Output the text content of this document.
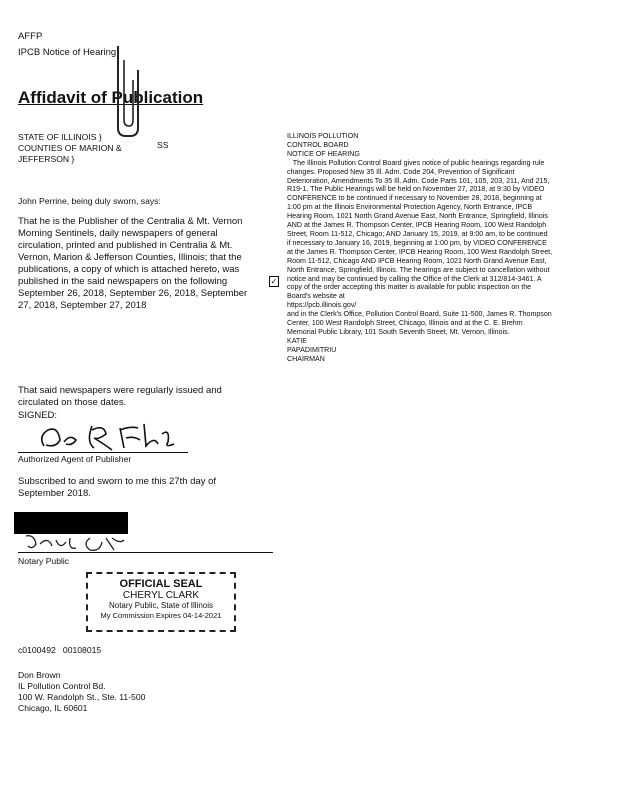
AFFP
IPCB Notice of Hearing
Affidavit of Publication
STATE OF ILLINOIS }
COUNTIES OF MARION &
JEFFERSON }
SS
John Perrine, being duly sworn, says:
That he is the Publisher of the Centralia & Mt. Vernon
Morning Sentinels, daily newspapers of general
circulation, printed and published in Centralia & Mt.
Vernon, Marion & Jefferson Counties, Illinois; that the
publications, a copy of which is attached hereto, was
published in the said newspapers on the following
September 26, 2018, September 26, 2018, September
27, 2018, September 27, 2018
✓
That said newspapers were regularly issued and
circulated on those dates.
SIGNED:
Authorized Agent of Publisher
Subscribed to and sworn to me this 27th day of
September 2018.
Notary Public
OFFICIAL SEAL
CHERYL CLARK
Notary Public, State of Illinois
My Commission Expires 04-14-2021
c0100492   00108015
Don Brown
IL Pollution Control Bd.
100 W. Randolph St., Ste. 11-500
Chicago, IL 60601
ILLINOIS POLLUTION
CONTROL BOARD
NOTICE OF HEARING
The Illinois Pollution Control Board gives notice of public hearings regarding rule
changes. Proposed New 35 Ill. Adm. Code 204, Prevention of Significant
Deterioration, Amendments To 35 Ill. Adm. Code Parts 101, 105, 203, 211, And 215,
R19-1. The Public Hearings will be held on November 27, 2018, at 9:30 by VIDEO
CONFERENCE to be continued if necessary to November 28, 2018, beginning at
1:00 pm at the Illinois Environmental Protection Agency, North Entrance, IPCB
Hearing Room, 1021 North Grand Avenue East, North Entrance, Springfield, Illinois
AND at the James R. Thompson Center, IPCB Hearing Room, 100 West Randolph
Street, Room 11-512, Chicago; AND January 15, 2019, at 9:00 am, to be continued
if necessary to January 16, 2019, beginning at 1:00 pm, by VIDEO CONFERENCE
at the James R. Thompson Center, IPCB Hearing Room, 100 West Randolph Street,
Room 11-512, Chicago AND IPCB Hearing Room, 1021 North Grand Avenue East,
North Entrance, Springfield, Illinois. The hearings are subject to cancellation without
notice and may be continued by calling the Office of the Clerk at 312/814-3461. A
copy of the order accepting this matter is available for public inspection on the
Board's website at
https://pcb.illinois.gov/
and in the Clerk's Office, Pollution Control Board, Suite 11-500, James R. Thompson
Center, 100 West Randolph Street, Chicago, Illinois and at the C. E. Brehm
Memorial Public Library, 101 South Seventh Street, Mt. Vernon, Illinois.
KATIE
PAPADIMITRIU
CHAIRMAN
